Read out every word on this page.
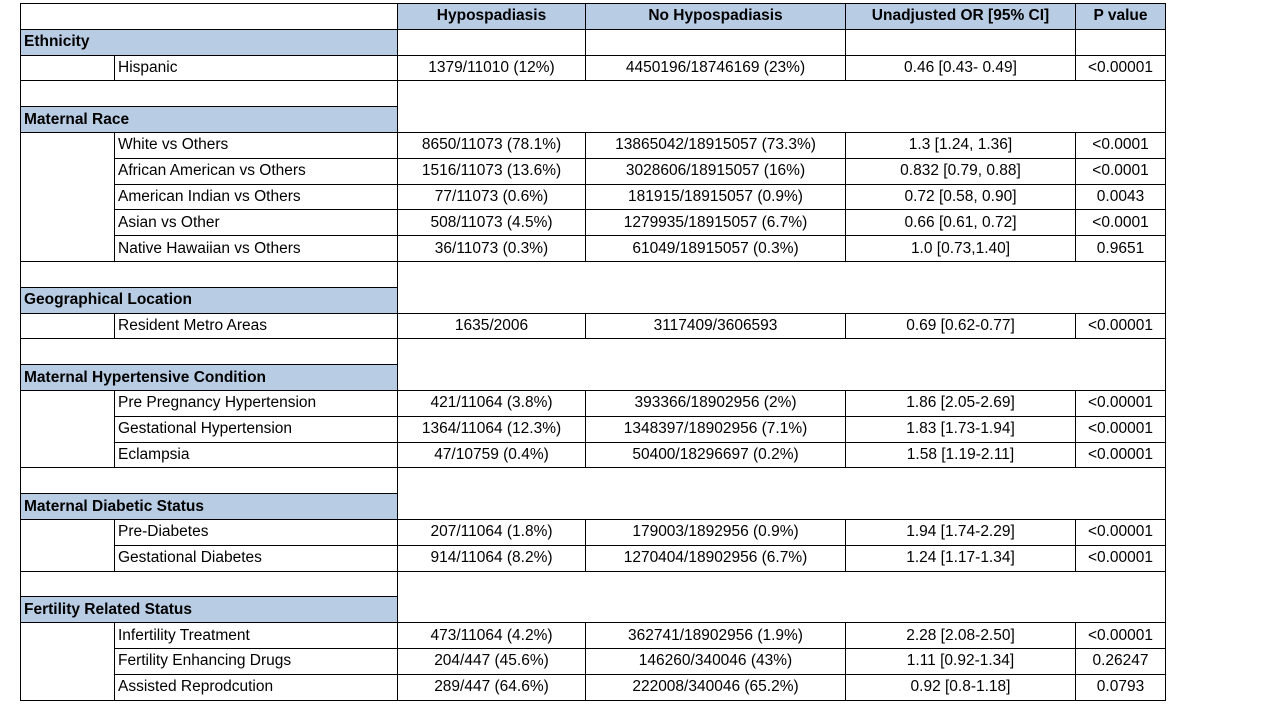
		Hypospadiasis	No Hypospadiasis	Unadjusted OR [95% CI]	P value
Ethnicity					
	Hispanic	1379/11010 (12%)	4450196/18746169 (23%)	0.46 [0.43- 0.49]	<0.00001

Maternal Race					
	White vs Others	8650/11073 (78.1%)	13865042/18915057 (73.3%)	1.3 [1.24, 1.36]	<0.0001
	African American vs Others	1516/11073 (13.6%)	3028606/18915057 (16%)	0.832 [0.79, 0.88]	<0.0001
	American Indian vs Others	77/11073 (0.6%)	181915/18915057 (0.9%)	0.72 [0.58, 0.90]	0.0043
	Asian vs Other	508/11073 (4.5%)	1279935/18915057 (6.7%)	0.66 [0.61, 0.72]	<0.0001
	Native Hawaiian vs Others	36/11073 (0.3%)	61049/18915057 (0.3%)	1.0 [0.73,1.40]	0.9651

Geographical Location					
	Resident Metro Areas	1635/2006	3117409/3606593	0.69 [0.62-0.77]	<0.00001

Maternal Hypertensive Condition					
	Pre Pregnancy Hypertension	421/11064 (3.8%)	393366/18902956 (2%)	1.86 [2.05-2.69]	<0.00001
	Gestational Hypertension	1364/11064 (12.3%)	1348397/18902956 (7.1%)	1.83 [1.73-1.94]	<0.00001
	Eclampsia	47/10759 (0.4%)	50400/18296697 (0.2%)	1.58 [1.19-2.11]	<0.00001

Maternal Diabetic Status					
	Pre-Diabetes	207/11064 (1.8%)	179003/1892956 (0.9%)	1.94 [1.74-2.29]	<0.00001
	Gestational Diabetes	914/11064 (8.2%)	1270404/18902956 (6.7%)	1.24 [1.17-1.34]	<0.00001

Fertility Related Status					
	Infertility Treatment	473/11064 (4.2%)	362741/18902956 (1.9%)	2.28 [2.08-2.50]	<0.00001
	Fertility Enhancing Drugs	204/447 (45.6%)	146260/340046 (43%)	1.11 [0.92-1.34]	0.26247
	Assisted Reprodcution	289/447 (64.6%)	222008/340046 (65.2%)	0.92 [0.8-1.18]	0.0793
